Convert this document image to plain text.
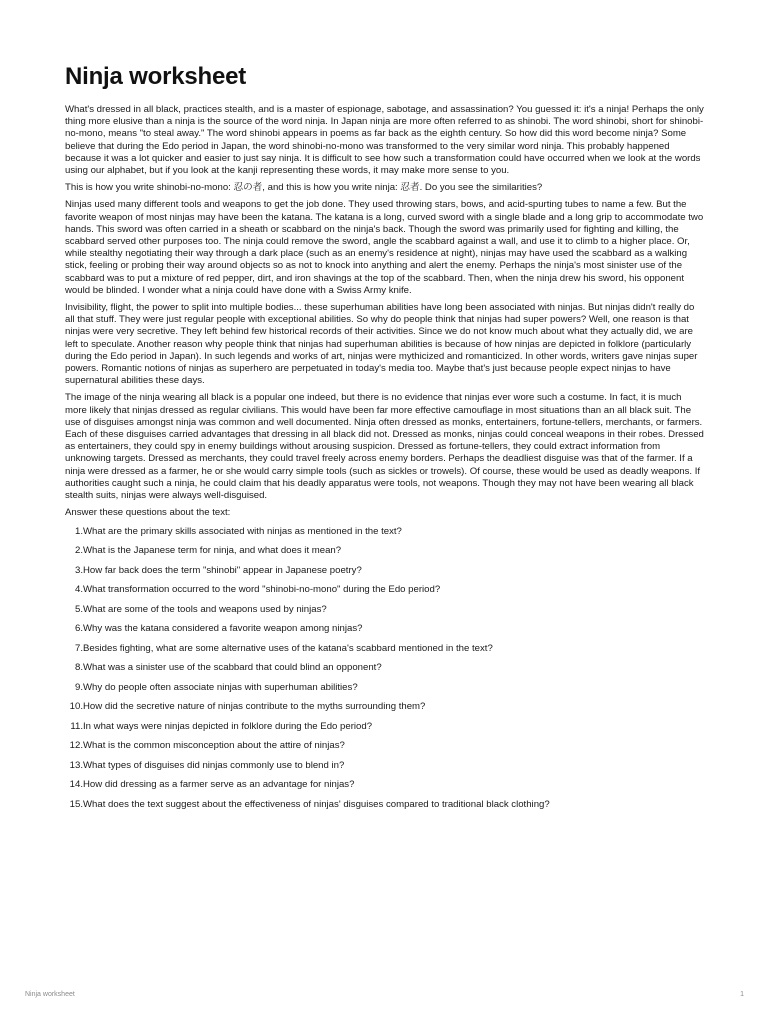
Ninja worksheet

What's dressed in all black, practices stealth, and is a master of espionage, sabotage, and assassination? You guessed it: it's a ninja! Perhaps the only thing more elusive than a ninja is the source of the word ninja. In Japan ninja are more often referred to as shinobi. The word shinobi, short for shinobi-no-mono, means "to steal away." The word shinobi appears in poems as far back as the eighth century. So how did this word become ninja? Some believe that during the Edo period in Japan, the word shinobi-no-mono was transformed to the very similar word ninja. This probably happened because it was a lot quicker and easier to just say ninja. It is difficult to see how such a transformation could have occurred when we look at the words using our alphabet, but if you look at the kanji representing these words, it may make more sense to you.

This is how you write shinobi-no-mono: 忍の者, and this is how you write ninja: 忍者. Do you see the similarities?

Ninjas used many different tools and weapons to get the job done. They used throwing stars, bows, and acid-spurting tubes to name a few. But the favorite weapon of most ninjas may have been the katana. The katana is a long, curved sword with a single blade and a long grip to accommodate two hands. This sword was often carried in a sheath or scabbard on the ninja's back. Though the sword was primarily used for fighting and killing, the scabbard served other purposes too. The ninja could remove the sword, angle the scabbard against a wall, and use it to climb to a higher place. Or, while stealthy negotiating their way through a dark place (such as an enemy's residence at night), ninjas may have used the scabbard as a walking stick, feeling or probing their way around objects so as not to knock into anything and alert the enemy. Perhaps the ninja's most sinister use of the scabbard was to put a mixture of red pepper, dirt, and iron shavings at the top of the scabbard. Then, when the ninja drew his sword, his opponent would be blinded. I wonder what a ninja could have done with a Swiss Army knife.

Invisibility, flight, the power to split into multiple bodies... these superhuman abilities have long been associated with ninjas. But ninjas didn't really do all that stuff. They were just regular people with exceptional abilities. So why do people think that ninjas had super powers? Well, one reason is that ninjas were very secretive. They left behind few historical records of their activities. Since we do not know much about what they actually did, we are left to speculate. Another reason why people think that ninjas had superhuman abilities is because of how ninjas are depicted in folklore (particularly during the Edo period in Japan). In such legends and works of art, ninjas were mythicized and romanticized. In other words, writers gave ninjas super powers. Romantic notions of ninjas as superhero are perpetuated in today's media too. Maybe that's just because people expect ninjas to have supernatural abilities these days.

The image of the ninja wearing all black is a popular one indeed, but there is no evidence that ninjas ever wore such a costume. In fact, it is much more likely that ninjas dressed as regular civilians. This would have been far more effective camouflage in most situations than an all black suit. The use of disguises amongst ninja was common and well documented. Ninja often dressed as monks, entertainers, fortune-tellers, merchants, or farmers. Each of these disguises carried advantages that dressing in all black did not. Dressed as monks, ninjas could conceal weapons in their robes. Dressed as entertainers, they could spy in enemy buildings without arousing suspicion. Dressed as fortune-tellers, they could extract information from unknowing targets. Dressed as merchants, they could travel freely across enemy borders. Perhaps the deadliest disguise was that of the farmer. If a ninja were dressed as a farmer, he or she would carry simple tools (such as sickles or trowels). Of course, these would be used as deadly weapons. If authorities caught such a ninja, he could claim that his deadly apparatus were tools, not weapons. Though they may not have been wearing all black stealth suits, ninjas were always well-disguised.

Answer these questions about the text:

1. What are the primary skills associated with ninjas as mentioned in the text?
2. What is the Japanese term for ninja, and what does it mean?
3. How far back does the term "shinobi" appear in Japanese poetry?
4. What transformation occurred to the word "shinobi-no-mono" during the Edo period?
5. What are some of the tools and weapons used by ninjas?
6. Why was the katana considered a favorite weapon among ninjas?
7. Besides fighting, what are some alternative uses of the katana's scabbard mentioned in the text?
8. What was a sinister use of the scabbard that could blind an opponent?
9. Why do people often associate ninjas with superhuman abilities?
10. How did the secretive nature of ninjas contribute to the myths surrounding them?
11. In what ways were ninjas depicted in folklore during the Edo period?
12. What is the common misconception about the attire of ninjas?
13. What types of disguises did ninjas commonly use to blend in?
14. How did dressing as a farmer serve as an advantage for ninjas?
15. What does the text suggest about the effectiveness of ninjas' disguises compared to traditional black clothing?
Ninja worksheet	1
